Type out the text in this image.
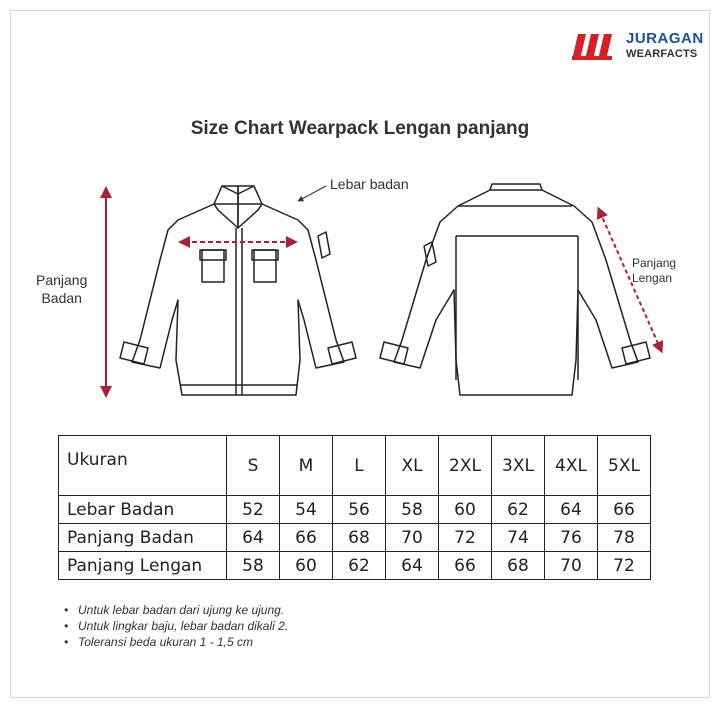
JURAGAN
WEARFACTS
Size Chart Wearpack Lengan panjang
Lebar badan
Panjang
Badan
Panjang
Lengan
Ukuran	S	M	L	XL	2XL	3XL	4XL	5XL
Lebar Badan	52	54	56	58	60	62	64	66
Panjang Badan	64	66	68	70	72	74	76	78
Panjang Lengan	58	60	62	64	66	68	70	72
• Untuk lebar badan dari ujung ke ujung.
• Untuk lingkar baju, lebar badan dikali 2.
• Toleransi beda ukuran 1 - 1,5 cm
